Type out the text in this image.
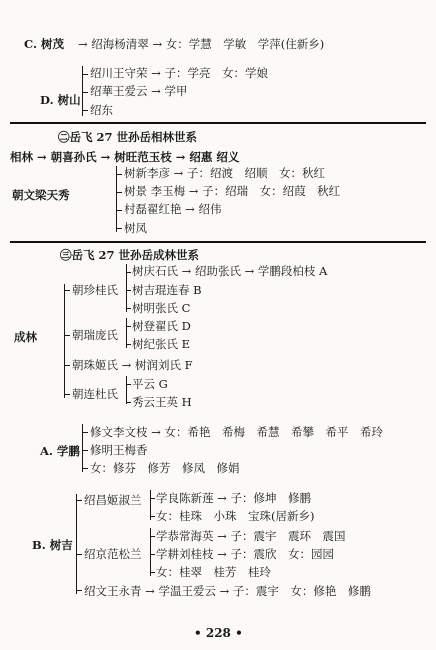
C. 树茂 → 绍海杨清翠 → 女：学慧　学敏　学萍(住新乡)
D. 树山
绍川王守荣 → 子：学亮　女：学娘
绍華王爱云 → 学甲
绍东
㊁岳飞 27 世孙岳相林世系
相林 → 朝喜孙氏 → 树旺范玉枝 → 绍惠 绍义
朝文梁天秀
树新李彦 → 子：绍渡　绍顺　女：秋红
树景 李玉梅 → 子：绍瑞　女：绍葭　秋红
村磊翟红艳 → 绍伟
树凤
㊂岳飞 27 世孙岳成林世系
成林
朝珍桂氏
朝瑞庞氏
朝珠姬氏 → 树润刘氏 F
朝连杜氏
树庆石氏 → 绍助张氏 → 学鹏段柏枝 A
树吉琨连春 B
树明张氏 C
树登翟氏 D
树纪张氏 E
平云 G
秀云王英 H
A. 学鹏
修文李文枝 → 女：希艳　希梅　希慧　希攀　希平　希玲
修明王梅香
女：修芬　修芳　修凤　修娟
B. 树吉
绍昌姬淑兰
绍京范松兰
绍文王永青 → 学温王爱云 → 子：震宇　女：修艳　修鹏
学良陈新莲 → 子：修坤　修鹏
女：桂珠　小珠　宝珠(居新乡)
学恭常海英 → 子：震宇　震环　震国
学耕刘桂枝 → 子：震欣　女：园园
女：桂翠　桂芳　桂玲
• 228 •
